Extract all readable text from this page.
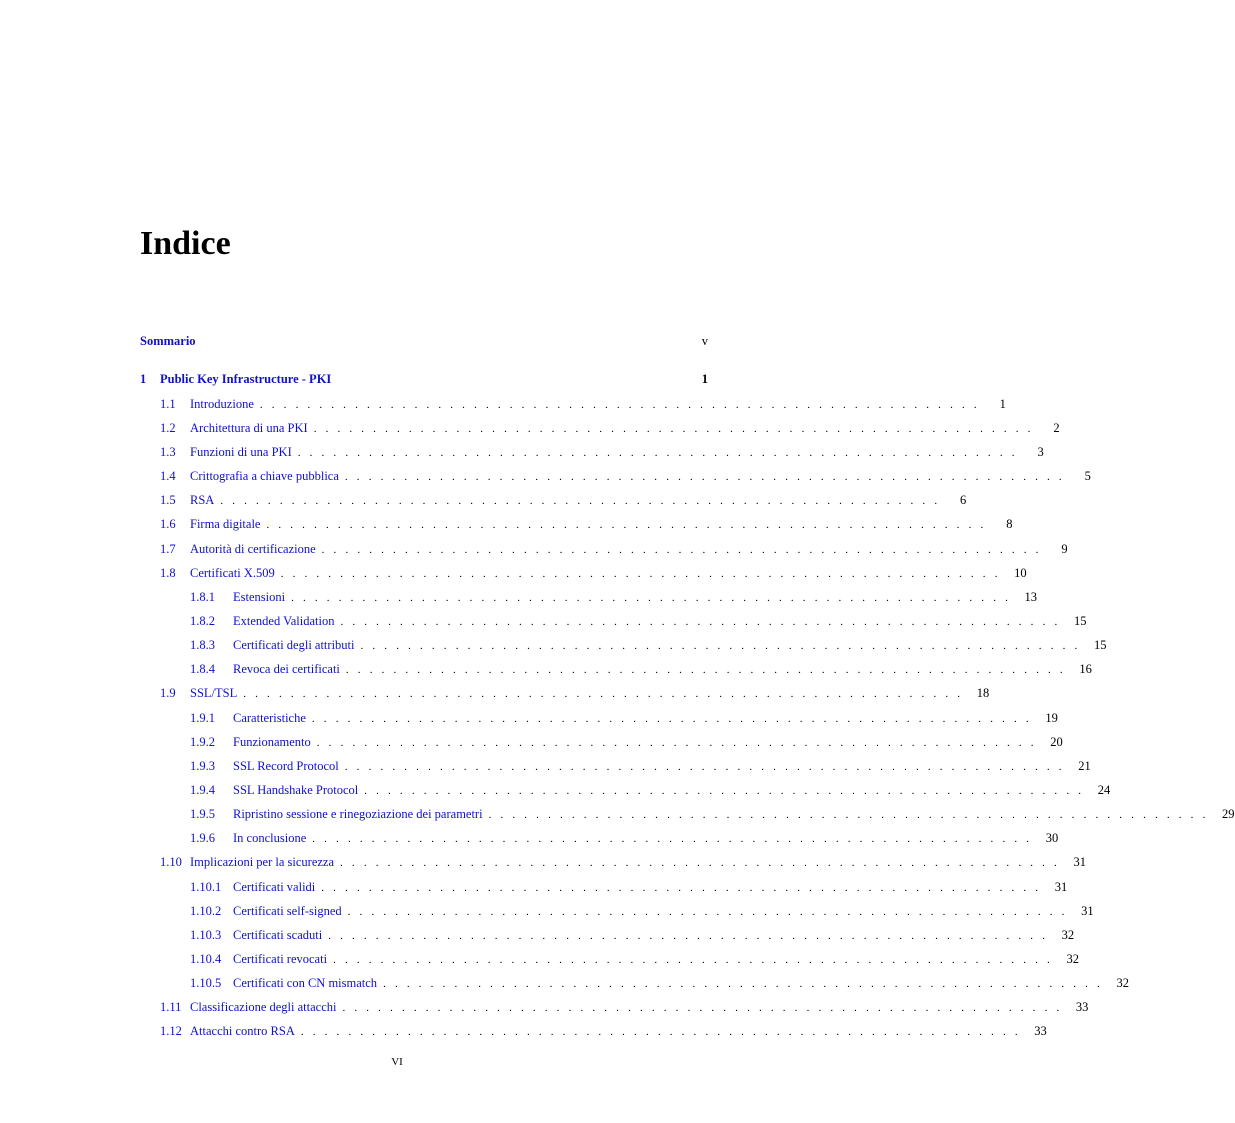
Indice
Sommario	v
1	Public Key Infrastructure - PKI	1
1.1	Introduzione . . . . . . . . . . . . . . . . . . . . . . . . . . . . . . . . . . . . . . . . . . . . . . . . . . . . . . . . . . . . .	1
1.2	Architettura di una PKI . . . . . . . . . . . . . . . . . . . . . . . . . . . . . . . . . . . . . . . . . . . . . . . . . . . . . . . . . . . . .	2
1.3	Funzioni di una PKI . . . . . . . . . . . . . . . . . . . . . . . . . . . . . . . . . . . . . . . . . . . . . . . . . . . . . . . . . . . . .	3
1.4	Crittografia a chiave pubblica . . . . . . . . . . . . . . . . . . . . . . . . . . . . . . . . . . . . . . . . . . . . . . . . . . . . . . . . . . . . .	5
1.5	RSA . . . . . . . . . . . . . . . . . . . . . . . . . . . . . . . . . . . . . . . . . . . . . . . . . . . . . . . . . . . . .	6
1.6	Firma digitale . . . . . . . . . . . . . . . . . . . . . . . . . . . . . . . . . . . . . . . . . . . . . . . . . . . . . . . . . . . . .	8
1.7	Autorità di certificazione . . . . . . . . . . . . . . . . . . . . . . . . . . . . . . . . . . . . . . . . . . . . . . . . . . . . . . . . . . . . .	9
1.8	Certificati X.509 . . . . . . . . . . . . . . . . . . . . . . . . . . . . . . . . . . . . . . . . . . . . . . . . . . . . . . . . . . . . .	10
1.8.1	Estensioni . . . . . . . . . . . . . . . . . . . . . . . . . . . . . . . . . . . . . . . . . . . . . . . . . . . . . . . . . . . . .	13
1.8.2	Extended Validation . . . . . . . . . . . . . . . . . . . . . . . . . . . . . . . . . . . . . . . . . . . . . . . . . . . . . . . . . . . . .	15
1.8.3	Certificati degli attributi . . . . . . . . . . . . . . . . . . . . . . . . . . . . . . . . . . . . . . . . . . . . . . . . . . . . . . . . . . . . .	15
1.8.4	Revoca dei certificati . . . . . . . . . . . . . . . . . . . . . . . . . . . . . . . . . . . . . . . . . . . . . . . . . . . . . . . . . . . . .	16
1.9	SSL/TSL . . . . . . . . . . . . . . . . . . . . . . . . . . . . . . . . . . . . . . . . . . . . . . . . . . . . . . . . . . . . .	18
1.9.1	Caratteristiche . . . . . . . . . . . . . . . . . . . . . . . . . . . . . . . . . . . . . . . . . . . . . . . . . . . . . . . . . . . . .	19
1.9.2	Funzionamento . . . . . . . . . . . . . . . . . . . . . . . . . . . . . . . . . . . . . . . . . . . . . . . . . . . . . . . . . . . . .	20
1.9.3	SSL Record Protocol . . . . . . . . . . . . . . . . . . . . . . . . . . . . . . . . . . . . . . . . . . . . . . . . . . . . . . . . . . . . .	21
1.9.4	SSL Handshake Protocol . . . . . . . . . . . . . . . . . . . . . . . . . . . . . . . . . . . . . . . . . . . . . . . . . . . . . . . . . . . . .	24
1.9.5	Ripristino sessione e rinegoziazione dei parametri . . . . . . . . . . . . . . . . . . . . . . . . . . . . . . . . . . . . . . . . . . . . . . . . . . . . . . . . . . . . .	29
1.9.6	In conclusione . . . . . . . . . . . . . . . . . . . . . . . . . . . . . . . . . . . . . . . . . . . . . . . . . . . . . . . . . . . . .	30
1.10 Implicazioni per la sicurezza . . . . . . . . . . . . . . . . . . . . . . . . . . . . . . . . . . . . . . . . . . . . . . . . . . . . . . . . . . . . .	31
1.10.1 Certificati validi . . . . . . . . . . . . . . . . . . . . . . . . . . . . . . . . . . . . . . . . . . . . . . . . . . . . . . . . . . . . .	31
1.10.2 Certificati self-signed . . . . . . . . . . . . . . . . . . . . . . . . . . . . . . . . . . . . . . . . . . . . . . . . . . . . . . . . . . . . .	31
1.10.3 Certificati scaduti . . . . . . . . . . . . . . . . . . . . . . . . . . . . . . . . . . . . . . . . . . . . . . . . . . . . . . . . . . . . .	32
1.10.4 Certificati revocati . . . . . . . . . . . . . . . . . . . . . . . . . . . . . . . . . . . . . . . . . . . . . . . . . . . . . . . . . . . . .	32
1.10.5 Certificati con CN mismatch . . . . . . . . . . . . . . . . . . . . . . . . . . . . . . . . . . . . . . . . . . . . . . . . . . . . . . . . . . . . .	32
1.11 Classificazione degli attacchi . . . . . . . . . . . . . . . . . . . . . . . . . . . . . . . . . . . . . . . . . . . . . . . . . . . . . . . . . . . . .	33
1.12 Attacchi contro RSA . . . . . . . . . . . . . . . . . . . . . . . . . . . . . . . . . . . . . . . . . . . . . . . . . . . . . . . . . . . . .	33
VI
